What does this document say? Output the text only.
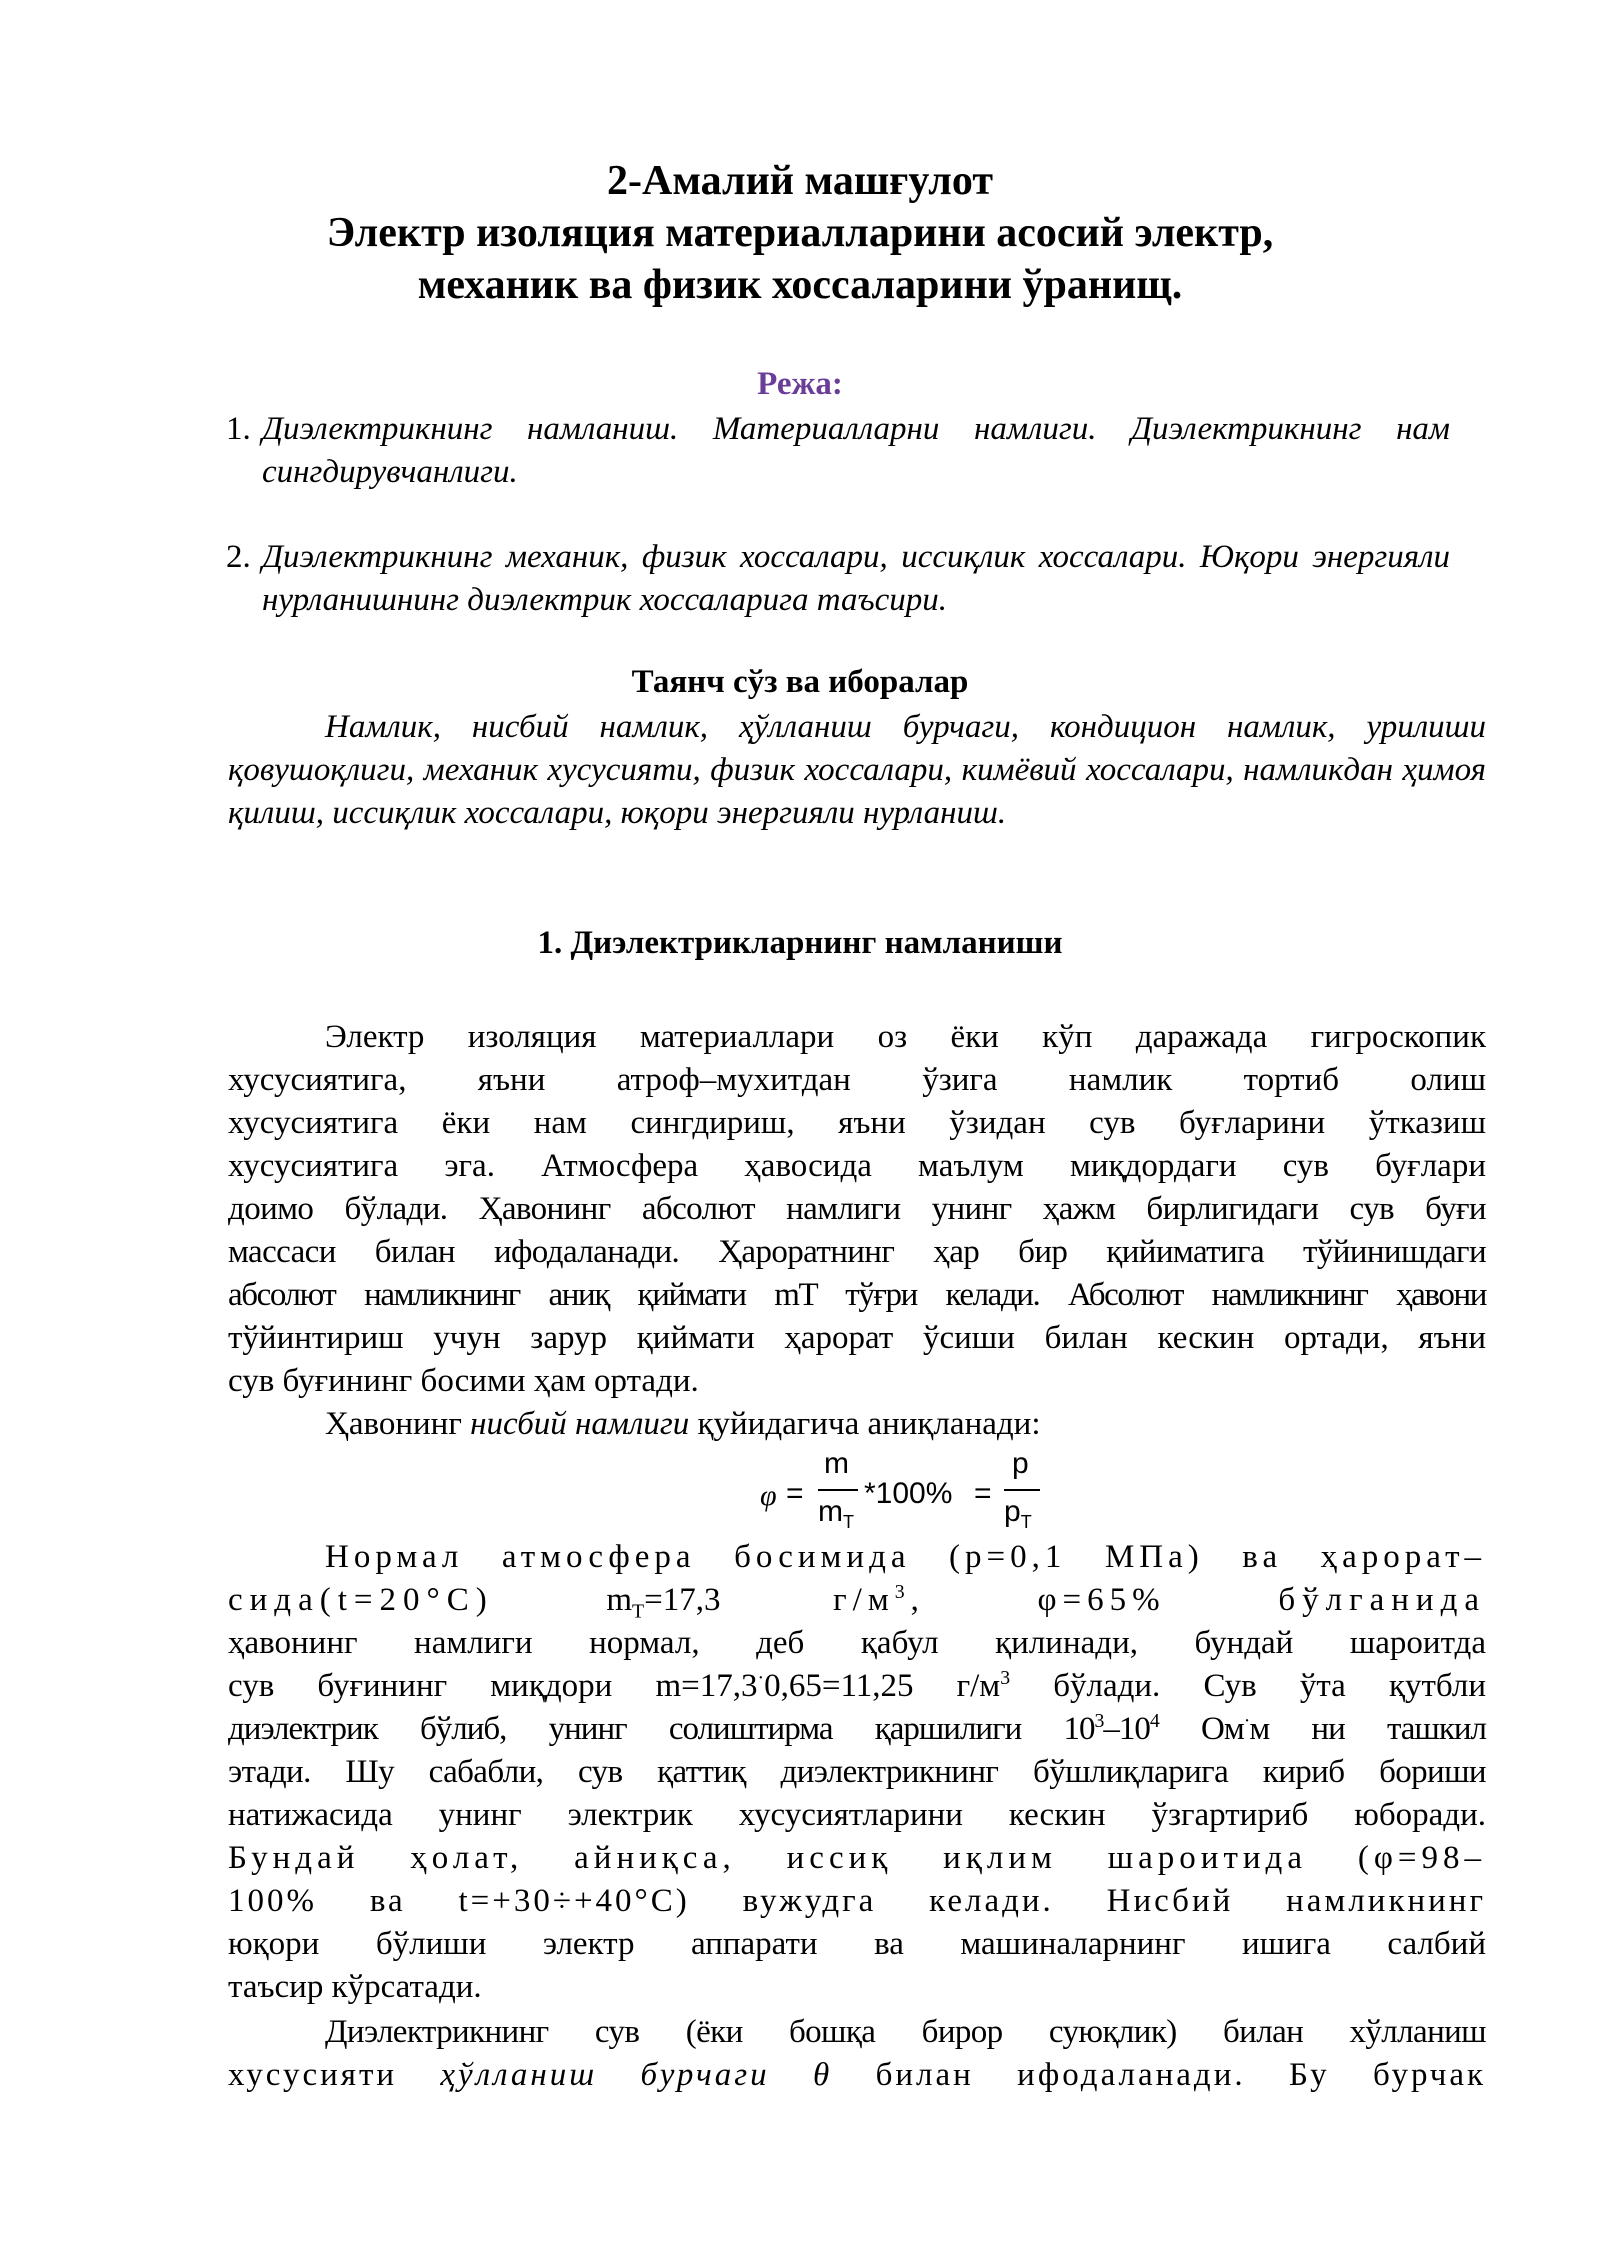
2-Амалий машғулот
Электр изоляция материалларини асосий электр,
механик ва физик хоссаларини ўранищ.
Режа:
1. Диэлектрикнинг намланиш. Материалларни намлиги. Диэлектрикнинг нам сингдирувчанлиги.
2. Диэлектрикнинг механик, физик хоссалари, иссиқлик хоссалари. Юқори энергияли нурланишнинг диэлектрик хоссаларига таъсири.
Таянч сўз ва иборалар
Намлик, нисбий намлик, ҳўлланиш бурчаги, кондицион намлик, урилиши қовушоқлиги, механик хусусияти, физик хоссалари, кимёвий хоссалари, намликдан ҳимоя қилиш, иссиқлик хоссалари, юқори энергияли нурланиш.
1. Диэлектрикларнинг намланиши
Электр изоляция материаллари оз ёки кўп даражада гигроскопик
хусусиятига, яъни атроф–мухитдан ўзига намлик тортиб олиш
хусусиятига ёки нам сингдириш, яъни ўзидан сув буғларини ўтказиш
хусусиятига эга. Атмосфера ҳавосида маълум миқдордаги сув буғлари
доимо бўлади. Ҳавонинг абсолют намлиги унинг ҳажм бирлигидаги сув буғи
массаси билан ифодаланади. Ҳароратнинг ҳар бир қийиматига тўйинишдаги
абсолют намликнинг аниқ қиймати mT тўғри келади. Абсолют намликнинг ҳавони
тўйинтириш учун зарур қиймати ҳарорат ўсиши билан кескин ортади, яъни
сув буғининг босими ҳам ортади.
Ҳавонинг нисбий намлиги қуйидагича аниқланади:
φ =
m
$m_T$
*100% =
p
$p_T$
Нормал атмосфера босимида (p=0,1 МПа) ва ҳарорат–
сида(t=20°C)	$m_T=17,3$	$г/м^3$,	φ=65%	бўлганида
ҳавонинг намлиги нормал, деб қабул қилинади, бундай шароитда
сув буғининг миқдори m=17,3·0,65=11,25 $г/м^3$ бўлади. Сув ўта қутбли
диэлектрик бўлиб, унинг солиштирма қаршилиги $10^3-10^4$ Ом·м ни ташкил
этади. Шу сабабли, сув қаттиқ диэлектрикнинг бўшлиқларига кириб бориши
натижасида унинг электрик хусусиятларини кескин ўзгартириб юборади.
Бундай ҳолат, айниқса, иссиқ иқлим шароитида (φ=98–
100% ва t=+30÷+40°C) вужудга келади. Нисбий намликнинг
юқори бўлиши электр аппарати ва машиналарнинг ишига салбий
таъсир кўрсатади.
Диэлектрикнинг сув (ёки бошқа бирор суюқлик) билан хўлланиш
хусусияти ҳўлланиш бурчаги θ билан ифодаланади. Бу бурчак
